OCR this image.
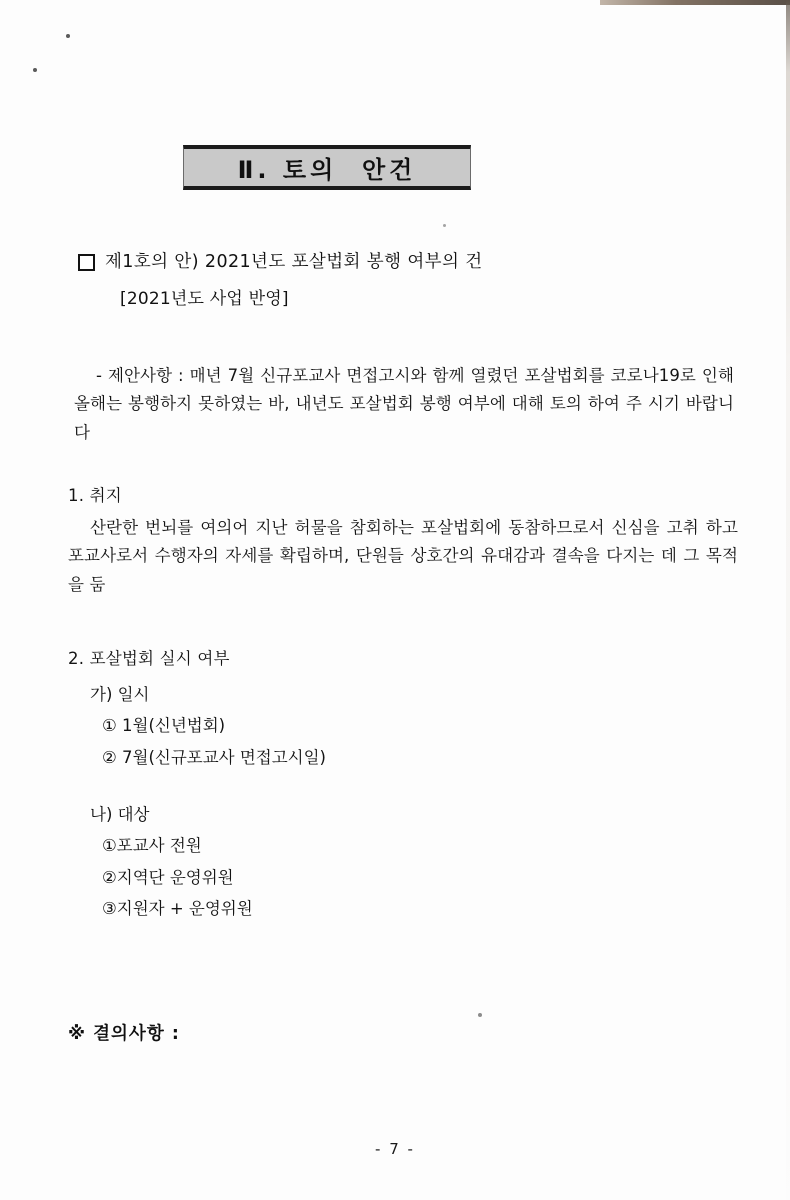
Ⅱ. 토의  안건
제1호의 안) 2021년도 포살법회 봉행 여부의 건
[2021년도 사업 반영]
- 제안사항 : 매년 7월 신규포교사 면접고시와 함께 열렸던 포살법회를 코로나19로 인해 올해는 봉행하지 못하였는 바, 내년도 포살법회 봉행 여부에 대해 토의 하여 주 시기 바랍니다
1. 취지
산란한 번뇌를 여의어 지난 허물을 참회하는 포살법회에 동참하므로서 신심을 고취 하고 포교사로서 수행자의 자세를 확립하며, 단원들 상호간의 유대감과 결속을 다지는 데 그 목적을 둠
2. 포살법회 실시 여부
가) 일시
① 1월(신년법회)
② 7월(신규포교사 면접고시일)
나) 대상
①포교사 전원
②지역단 운영위원
③지원자 + 운영위원
※ 결의사항 :
- 7 -
